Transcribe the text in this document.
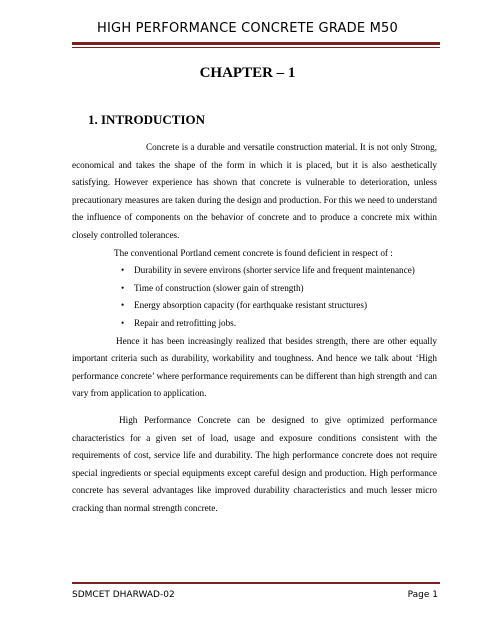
HIGH PERFORMANCE CONCRETE GRADE M50
CHAPTER – 1
1. INTRODUCTION

Concrete is a durable and versatile construction material. It is not only Strong, economical and takes the shape of the form in which it is placed, but it is also aesthetically satisfying. However experience has shown that concrete is vulnerable to deterioration, unless precautionary measures are taken during the design and production. For this we need to understand the influence of components on the behavior of concrete and to produce a concrete mix within closely controlled tolerances.

The conventional Portland cement concrete is found deficient in respect of :

• Durability in severe environs (shorter service life and frequent maintenance)
• Time of construction (slower gain of strength)
• Energy absorption capacity (for earthquake resistant structures)
• Repair and retrofitting jobs.

Hence it has been increasingly realized that besides strength, there are other equally important criteria such as durability, workability and toughness. And hence we talk about ‘High performance concrete’ where performance requirements can be different than high strength and can vary from application to application.

High Performance Concrete can be designed to give optimized performance characteristics for a given set of load, usage and exposure conditions consistent with the requirements of cost, service life and durability. The high performance concrete does not require special ingredients or special equipments except careful design and production. High performance concrete has several advantages like improved durability characteristics and much lesser micro cracking than normal strength concrete.

SDMCET DHARWAD-02	Page 1
